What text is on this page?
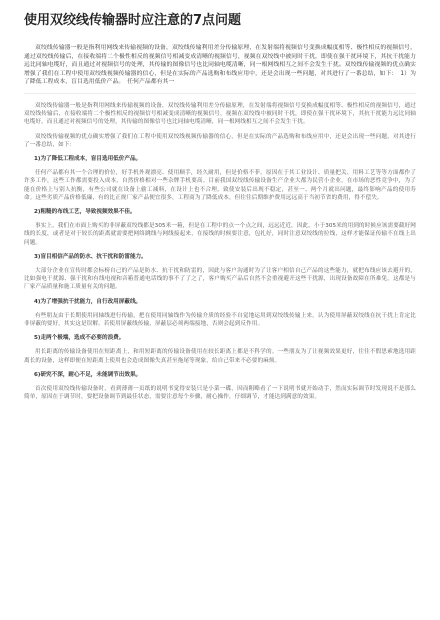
使用双绞线传输器时应注意的7点问题

双绞线传输器一般是指利用网线来传输视频的设备，双绞线传输利用差分传输原理，在发射端将视频信号变换成幅度相等、极性相反的视频信号，通过双绞线传输后，在接收端将二个极性相反的视频信号相减变成清晰的视频信号，视频在双绞线中被同时干扰，即使在强干扰环境下，其抗干扰能力远比同轴电缆好，而且通过对视频信号的处理，其传输的图像信号也比同轴电缆清晰，同一根网线相互之间不会发生干扰。双绞线传输视频的优点确实增强了我们在工程中使用双绞线视频传输器的信心，但是在实际的产品选购和布线应用中，还是会出现一些问题，对其进行了一番总结，如下：　1）为了降低工程成本，盲目选用低价产品。　任何产品都有其一

双绞线传输器一般是指利用网线来传输视频的设备，双绞线传输利用差分传输原理，在发射端将视频信号变换成幅度相等、极性相反的视频信号，通过双绞线传输后，在接收端将二个极性相反的视频信号相减变成清晰的视频信号，视频在双绞线中被同时干扰，即使在强干扰环境下，其抗干扰能力远比同轴电缆好，而且通过对视频信号的处理，其传输的图像信号也比同轴电缆清晰，同一根网线相互之间不会发生干扰。

双绞线传输视频的优点确实增强了我们在工程中使用双绞线视频传输器的信心，但是在实际的产品选购和布线应用中，还是会出现一些问题，对其进行了一番总结，如下：

1)为了降低工程成本，盲目选用低价产品。

任何产品都有其一个合理的价位，好手机外观漂亮、使用顺手，经久耐用，但是价格不菲，原因在于其工业设计、质量把关、用料工艺等等方面都作了许多工作，这些工作都需要投入成本，自然价格相对一些杂牌手机要高。目前我国双绞线传输设备生产企业大都为民营小企业，在市场的恶性竞争中，为了能在价格上与别人抗衡，有些公司就在设备上偷工减料，在设计上也不合理，致使安装后出现不稳定，甚至一、两个月就出问题，最终影响产品的使用寿命。这些劣质产品价格低廉，有的比正规厂家产品便宜很多，工程商为了降低成本，但往往后期维护费用远远高于当初节省的费用，得不偿失。

2)粗糙的布线工艺，导致视频效果不佳。

事实上，我们在市面上购买的非屏蔽双绞线都是305米一箱，但是在工程中的点一个点之间，远远近近，因此，小于305米的用到的时候应该需要截好网线的长度，或者是对于较长的距离就需要把网络跳线与网线接起来，在接线的时候要注意，包扎好，同时注意双绞线的拉线，这样才能保证传输不在线上出问题。

3)盲目相信产品的防水、抗干扰和防雷能力。

大部分企业在宣传时都会标榜自己的产品是防水、抗干扰和防雷的，因此与客户沟通时为了让客户相信自己产品的这些能力，就把布线应该去避开的，比如强电干扰源、强干扰和有线电视和音箱普通电话线的事不了了之了，客户购买产品后自然不会重视避开这些干扰源，出现设备故障在所难免。这都是与厂家产品质量和施工质量有关的问题。

4)为了增强抗干扰能力，自行改用屏蔽线。

有些朋友由于长期使用同轴线进行传输，把在使用同轴线作为传输介质的经验不自觉地运用到双绞线传输上来，认为使用屏蔽双绞线在抗干扰上肯定比非屏蔽的要好，其实这是误解。若使用屏蔽线传输，屏蔽层必须两端接地，否则会起到反作用。

5)走两个极端，选成不必要的浪费。

用长距离的传输设备使用在短距离上，和用短距离的传输设备使用在较长距离上都是不科学的。一些朋友为了让视频效果更好，往往不假思索地选用距离长的设备，这样即便在短距离上使用也会造成图像失真甚至拖尾等现象，给自己带来不必要的麻烦。

6)研究不深，耐心不足，未能调节出效果。

首次使用双绞线传输设备时，看到薄薄一页纸的说明书觉得安装只是小菜一碟，因而粗略看了一下说明书就开始动手，然而实际调节时发现说不是那么简单，原因在于调节时，要把设备调节到最佳状态，需要注意每个步骤，耐心操作，仔细调节，才能达到满意的效果。
